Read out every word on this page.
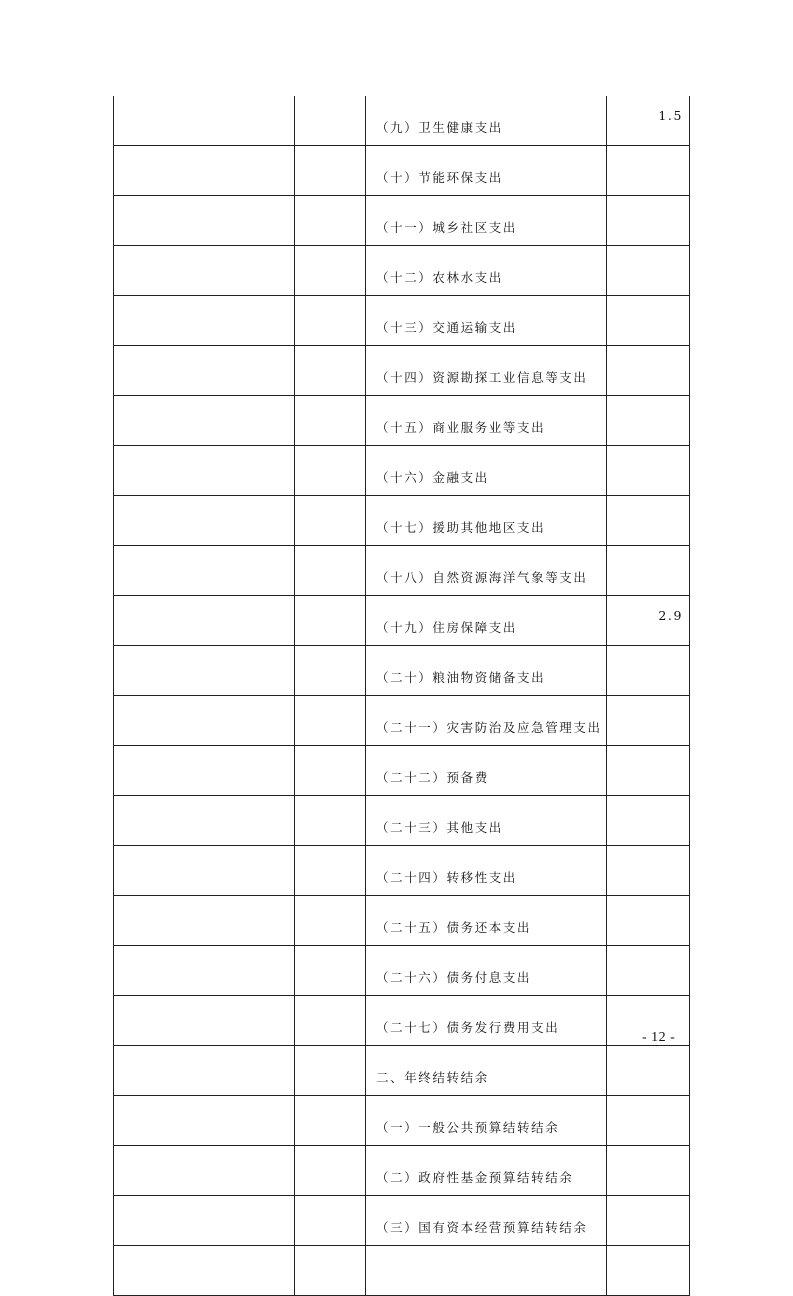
		（九）卫生健康支出	1.5
		（十）节能环保支出	
		（十一）城乡社区支出	
		（十二）农林水支出	
		（十三）交通运输支出	
		（十四）资源勘探工业信息等支出	
		（十五）商业服务业等支出	
		（十六）金融支出	
		（十七）援助其他地区支出	
		（十八）自然资源海洋气象等支出	
		（十九）住房保障支出	2.9
		（二十）粮油物资储备支出	
		（二十一）灾害防治及应急管理支出	
		（二十二）预备费	
		（二十三）其他支出	
		（二十四）转移性支出	
		（二十五）债务还本支出	
		（二十六）债务付息支出	
		（二十七）债务发行费用支出	
		二、年终结转结余	
		（一）一般公共预算结转结余	
		（二）政府性基金预算结转结余	
		（三）国有资本经营预算结转结余	

- 12 -
